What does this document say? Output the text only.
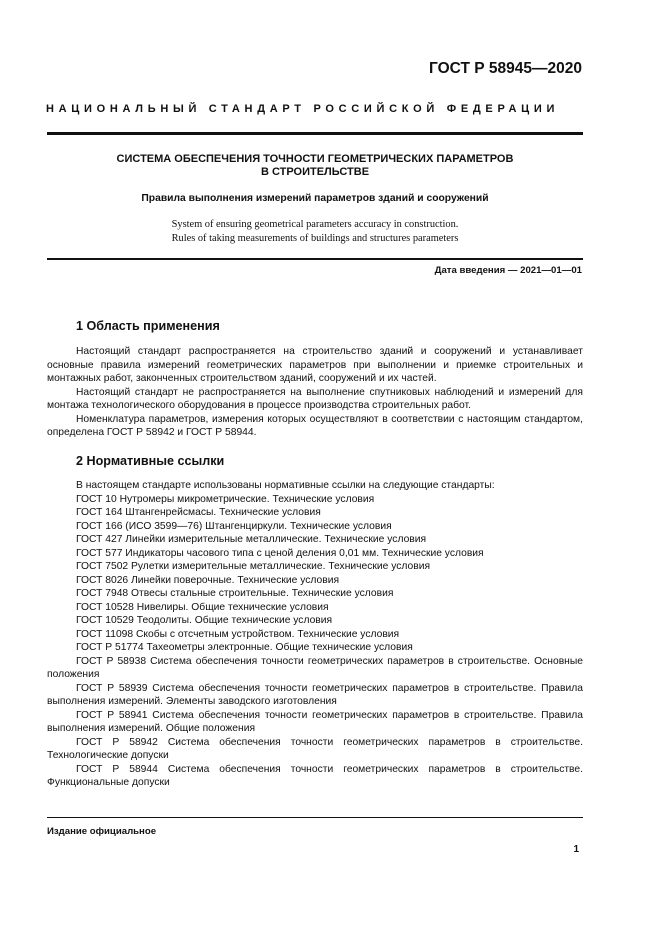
ГОСТ Р 58945—2020
НАЦИОНАЛЬНЫЙ СТАНДАРТ РОССИЙСКОЙ ФЕДЕРАЦИИ
СИСТЕМА ОБЕСПЕЧЕНИЯ ТОЧНОСТИ ГЕОМЕТРИЧЕСКИХ ПАРАМЕТРОВ
В СТРОИТЕЛЬСТВЕ
Правила выполнения измерений параметров зданий и сооружений
System of ensuring geometrical parameters accuracy in construction.
Rules of taking measurements of buildings and structures parameters
Дата введения — 2021—01—01
1 Область применения

Настоящий стандарт распространяется на строительство зданий и сооружений и устанавливает основные правила измерений геометрических параметров при выполнении и приемке строительных и монтажных работ, законченных строительством зданий, сооружений и их частей.

Настоящий стандарт не распространяется на выполнение спутниковых наблюдений и измерений для монтажа технологического оборудования в процессе производства строительных работ.

Номенклатура параметров, измерения которых осуществляют в соответствии с настоящим стандартом, определена ГОСТ Р 58942 и ГОСТ Р 58944.

2 Нормативные ссылки

В настоящем стандарте использованы нормативные ссылки на следующие стандарты:

ГОСТ 10 Нутромеры микрометрические. Технические условия
ГОСТ 164 Штангенрейсмасы. Технические условия
ГОСТ 166 (ИСО 3599—76) Штангенциркули. Технические условия
ГОСТ 427 Линейки измерительные металлические. Технические условия
ГОСТ 577 Индикаторы часового типа с ценой деления 0,01 мм. Технические условия
ГОСТ 7502 Рулетки измерительные металлические. Технические условия
ГОСТ 8026 Линейки поверочные. Технические условия
ГОСТ 7948 Отвесы стальные строительные. Технические условия
ГОСТ 10528 Нивелиры. Общие технические условия
ГОСТ 10529 Теодолиты. Общие технические условия
ГОСТ 11098 Скобы с отсчетным устройством. Технические условия
ГОСТ Р 51774 Тахеометры электронные. Общие технические условия
ГОСТ Р 58938 Система обеспечения точности геометрических параметров в строительстве. Основные положения
ГОСТ Р 58939 Система обеспечения точности геометрических параметров в строительстве. Правила выполнения измерений. Элементы заводского изготовления
ГОСТ Р 58941 Система обеспечения точности геометрических параметров в строительстве. Правила выполнения измерений. Общие положения
ГОСТ Р 58942 Система обеспечения точности геометрических параметров в строительстве. Технологические допуски
ГОСТ Р 58944 Система обеспечения точности геометрических параметров в строительстве. Функциональные допуски
Издание официальное
1
